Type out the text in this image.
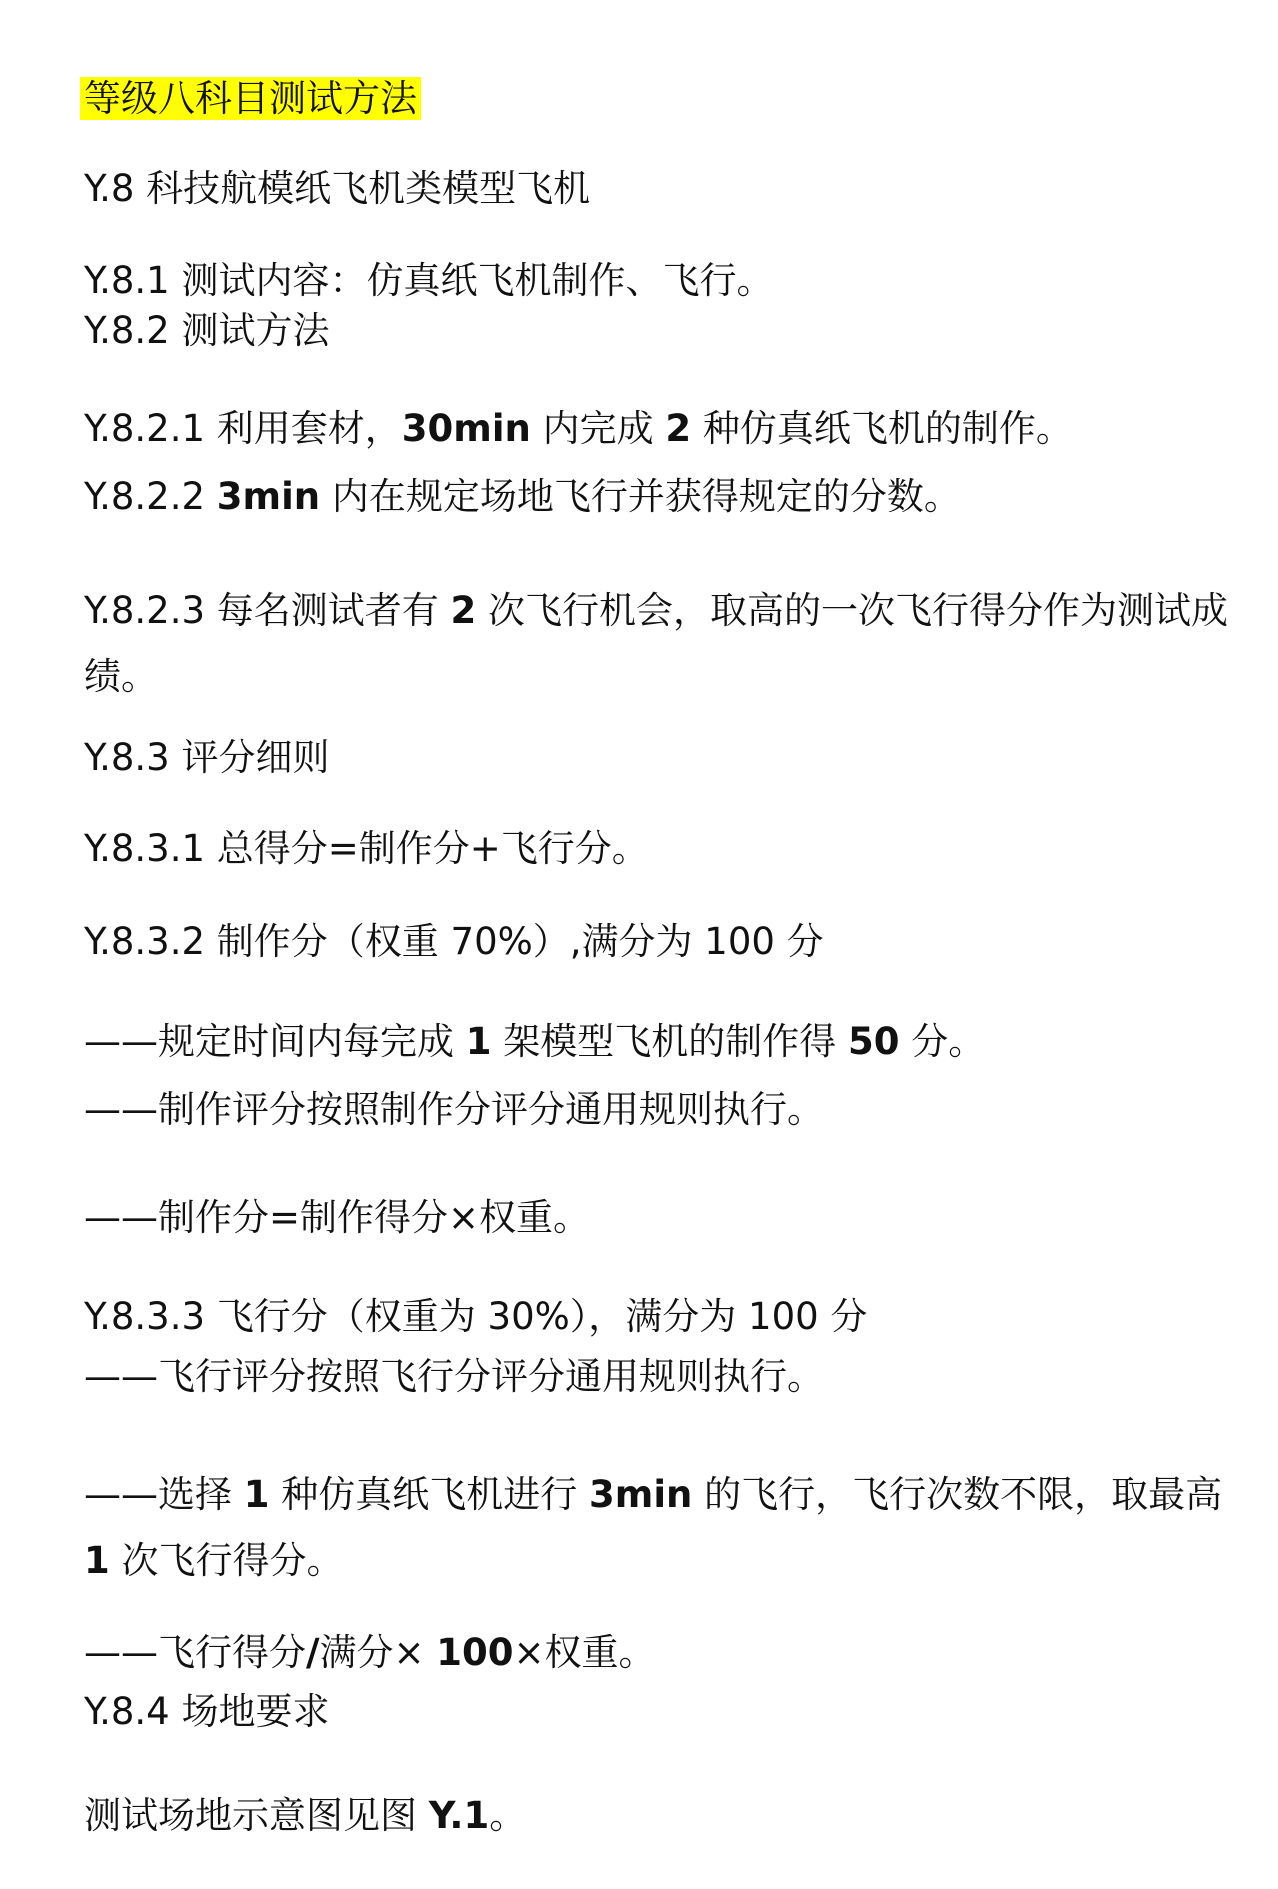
等级八科目测试方法
Y.8 科技航模纸飞机类模型飞机
Y.8.1 测试内容：仿真纸飞机制作、飞行。
Y.8.2 测试方法
Y.8.2.1 利用套材，30min 内完成 2 种仿真纸飞机的制作。
Y.8.2.2 3min 内在规定场地飞行并获得规定的分数。
Y.8.2.3 每名测试者有 2 次飞行机会，取高的一次飞行得分作为测试成绩。
Y.8.3 评分细则
Y.8.3.1 总得分=制作分+飞行分。
Y.8.3.2 制作分（权重 70%）,满分为 100 分
——规定时间内每完成 1 架模型飞机的制作得 50 分。
——制作评分按照制作分评分通用规则执行。
——制作分=制作得分×权重。
Y.8.3.3 飞行分（权重为 30%），满分为 100 分
——飞行评分按照飞行分评分通用规则执行。
——选择 1 种仿真纸飞机进行 3min 的飞行，飞行次数不限，取最高 1 次飞行得分。
——飞行得分/满分× 100×权重。
Y.8.4 场地要求
测试场地示意图见图 Y.1。
